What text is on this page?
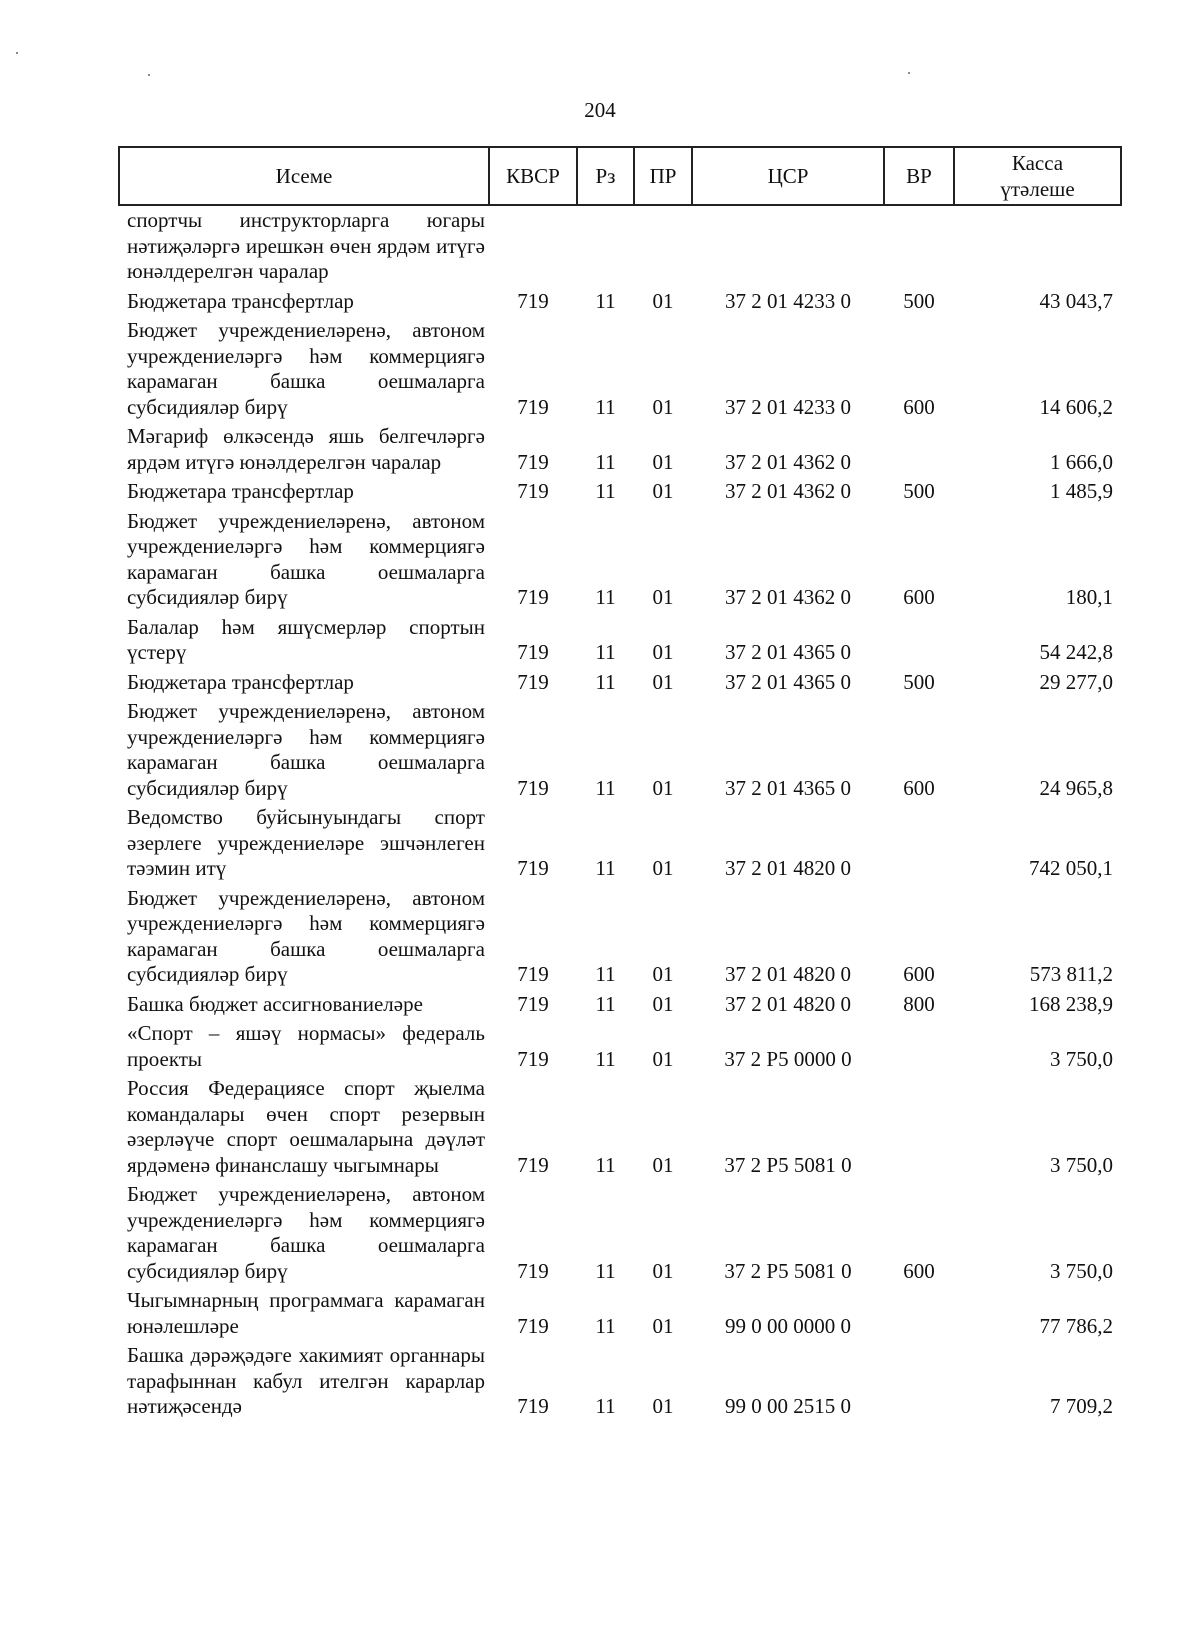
204
Исеме	КВСР	Рз	ПР	ЦСР	ВР	Касса
үтәлеше

спортчы инструкторларга югары нәтиҗәләргә ирешкән өчен ярдәм итүгә юнәлдерелгән чаралар						
Бюджетара трансфертлар	719	11	01	37 2 01 4233 0	500	43 043,7
Бюджет учреждениеләренә, автоном учреждениеләргә һәм коммерциягә карамаган башка оешмаларга субсидияләр бирү	719	11	01	37 2 01 4233 0	600	14 606,2
Мәгариф өлкәсендә яшь белгечләргә ярдәм итүгә юнәлдерелгән чаралар	719	11	01	37 2 01 4362 0		1 666,0
Бюджетара трансфертлар	719	11	01	37 2 01 4362 0	500	1 485,9
Бюджет учреждениеләренә, автоном учреждениеләргә һәм коммерциягә карамаган башка оешмаларга субсидияләр бирү	719	11	01	37 2 01 4362 0	600	180,1
Балалар һәм яшүсмерләр спортын үстерү	719	11	01	37 2 01 4365 0		54 242,8
Бюджетара трансфертлар	719	11	01	37 2 01 4365 0	500	29 277,0
Бюджет учреждениеләренә, автоном учреждениеләргә һәм коммерциягә карамаган башка оешмаларга субсидияләр бирү	719	11	01	37 2 01 4365 0	600	24 965,8
Ведомство буйсынуындагы спорт әзерлеге учреждениеләре эшчәнлеген тәэмин итү	719	11	01	37 2 01 4820 0		742 050,1
Бюджет учреждениеләренә, автоном учреждениеләргә һәм коммерциягә карамаган башка оешмаларга субсидияләр бирү	719	11	01	37 2 01 4820 0	600	573 811,2
Башка бюджет ассигнованиеләре	719	11	01	37 2 01 4820 0	800	168 238,9
«Спорт – яшәү нормасы» федераль проекты	719	11	01	37 2 P5 0000 0		3 750,0
Россия Федерациясе спорт җыелма командалары өчен спорт резервын әзерләүче спорт оешмаларына дәүләт ярдәменә финанслашу чыгымнары	719	11	01	37 2 P5 5081 0		3 750,0
Бюджет учреждениеләренә, автоном учреждениеләргә һәм коммерциягә карамаган башка оешмаларга субсидияләр бирү	719	11	01	37 2 P5 5081 0	600	3 750,0
Чыгымнарның программага карамаган юнәлешләре	719	11	01	99 0 00 0000 0		77 786,2
Башка дәрәҗәдәге хакимият органнары тарафыннан кабул ителгән карарлар нәтиҗәсендә	719	11	01	99 0 00 2515 0		7 709,2
